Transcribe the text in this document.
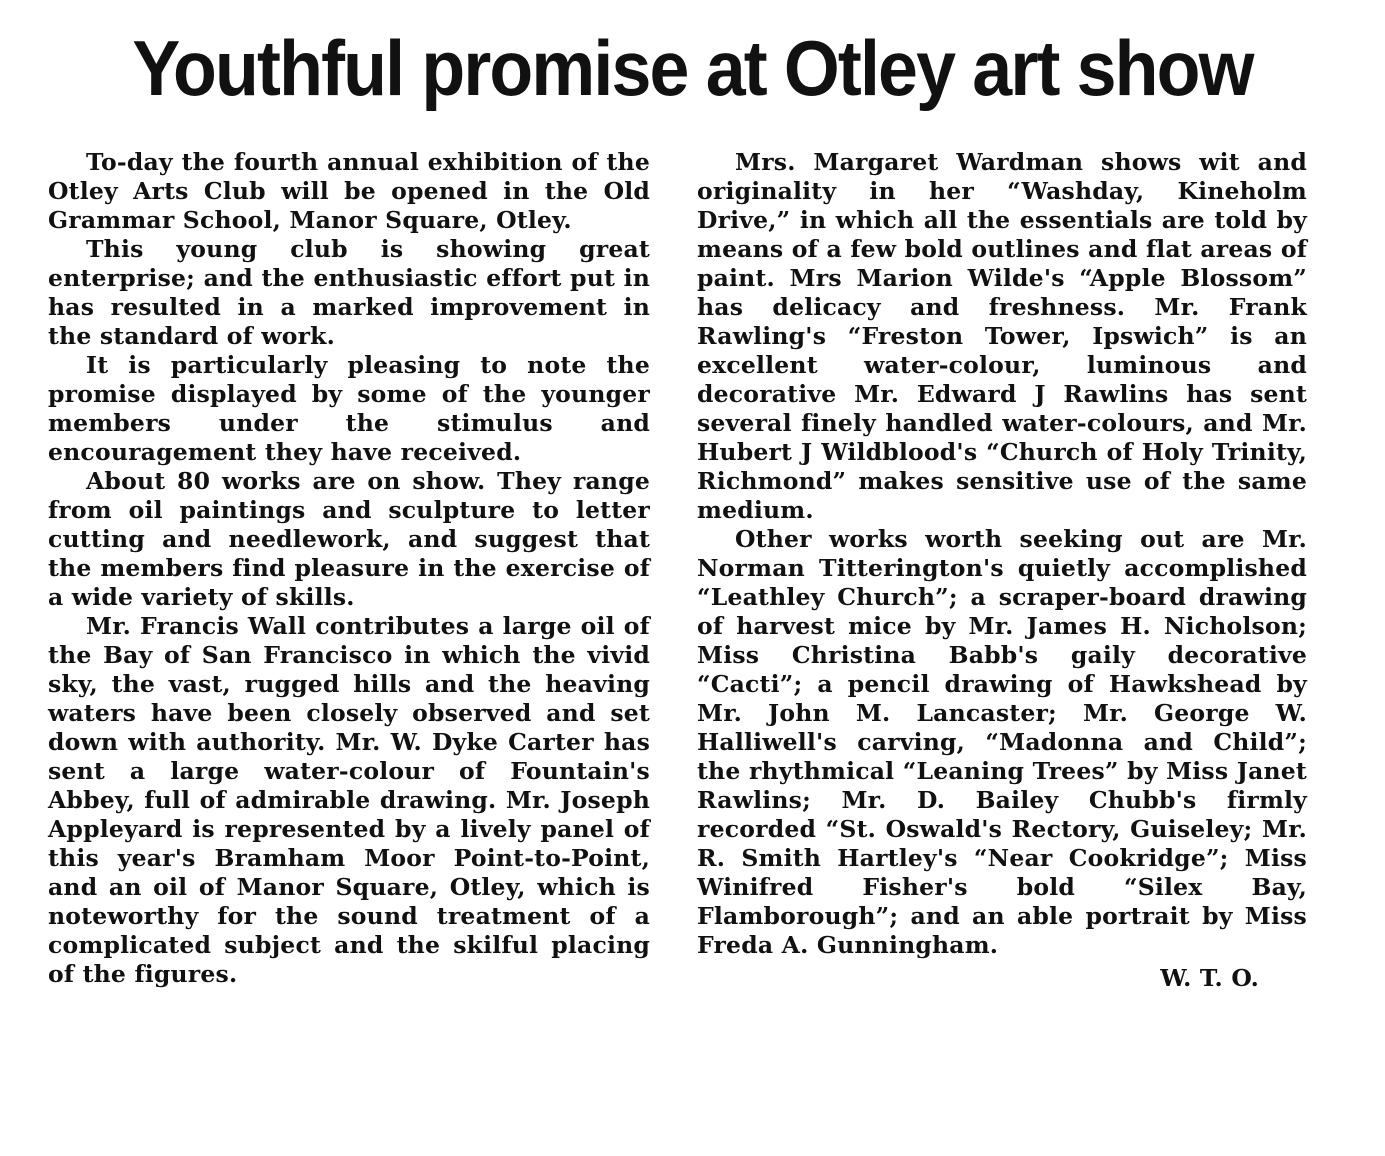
Youthful promise at Otley art show

To-day the fourth annual exhibition of the Otley Arts Club will be opened in the Old Grammar School, Manor Square, Otley.

This young club is showing great enterprise; and the enthusiastic effort put in has resulted in a marked improvement in the standard of work.

It is particularly pleasing to note the promise displayed by some of the younger members under the stimulus and encouragement they have received.

About 80 works are on show. They range from oil paintings and sculpture to letter cutting and needlework, and suggest that the members find pleasure in the exercise of a wide variety of skills.

Mr. Francis Wall contributes a large oil of the Bay of San Francisco in which the vivid sky, the vast, rugged hills and the heaving waters have been closely observed and set down with authority. Mr. W. Dyke Carter has sent a large water-colour of Fountain's Abbey, full of admirable drawing. Mr. Joseph Appleyard is represented by a lively panel of this year's Bramham Moor Point-to-Point, and an oil of Manor Square, Otley, which is noteworthy for the sound treatment of a complicated subject and the skilful placing of the figures.

Mrs. Margaret Wardman shows wit and originality in her “Washday, Kineholm Drive,” in which all the essentials are told by means of a few bold outlines and flat areas of paint. Mrs Marion Wilde's “Apple Blossom” has delicacy and freshness. Mr. Frank Rawling's “Freston Tower, Ipswich” is an excellent water-colour, luminous and decorative Mr. Edward J Rawlins has sent several finely handled water-colours, and Mr. Hubert J Wildblood's “Church of Holy Trinity, Richmond” makes sensitive use of the same medium.

Other works worth seeking out are Mr. Norman Titterington's quietly accomplished “Leathley Church”; a scraper-board drawing of harvest mice by Mr. James H. Nicholson; Miss Christina Babb's gaily decorative “Cacti”; a pencil drawing of Hawkshead by Mr. John M. Lancaster; Mr. George W. Halliwell's carving, “Madonna and Child”; the rhythmical “Leaning Trees” by Miss Janet Rawlins; Mr. D. Bailey Chubb's firmly recorded “St. Oswald's Rectory, Guiseley; Mr. R. Smith Hartley's “Near Cookridge”; Miss Winifred Fisher's bold “Silex Bay, Flamborough”; and an able portrait by Miss Freda A. Gunningham.

W. T. O.
